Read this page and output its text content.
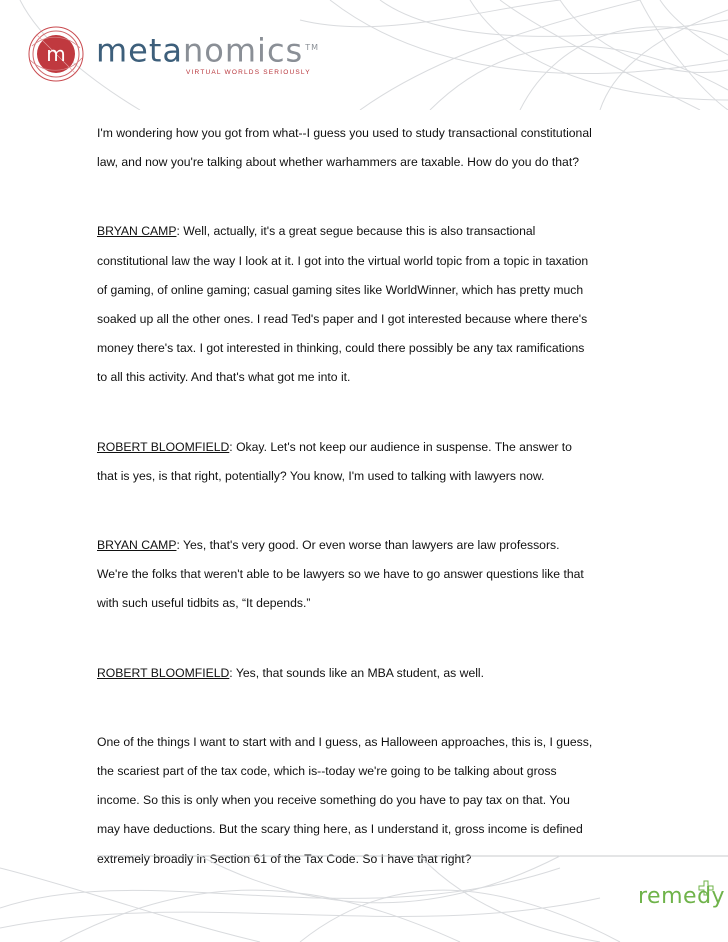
m metanomics ™
VIRTUAL WORLDS SERIOUSLY
I'm wondering how you got from what--I guess you used to study transactional constitutional
law, and now you're talking about whether warhammers are taxable. How do you do that?
BRYAN CAMP: Well, actually, it's a great segue because this is also transactional
constitutional law the way I look at it. I got into the virtual world topic from a topic in taxation
of gaming, of online gaming; casual gaming sites like WorldWinner, which has pretty much
soaked up all the other ones. I read Ted's paper and I got interested because where there's
money there's tax. I got interested in thinking, could there possibly be any tax ramifications
to all this activity. And that's what got me into it.
ROBERT BLOOMFIELD: Okay. Let's not keep our audience in suspense. The answer to
that is yes, is that right, potentially? You know, I'm used to talking with lawyers now.
BRYAN CAMP: Yes, that's very good. Or even worse than lawyers are law professors.
We're the folks that weren't able to be lawyers so we have to go answer questions like that
with such useful tidbits as, “It depends.”
ROBERT BLOOMFIELD: Yes, that sounds like an MBA student, as well.
One of the things I want to start with and I guess, as Halloween approaches, this is, I guess,
the scariest part of the tax code, which is--today we're going to be talking about gross
income. So this is only when you receive something do you have to pay tax on that. You
may have deductions. But the scary thing here, as I understand it, gross income is defined
extremely broadly in Section 61 of the Tax Code. So I have that right?
remedy
